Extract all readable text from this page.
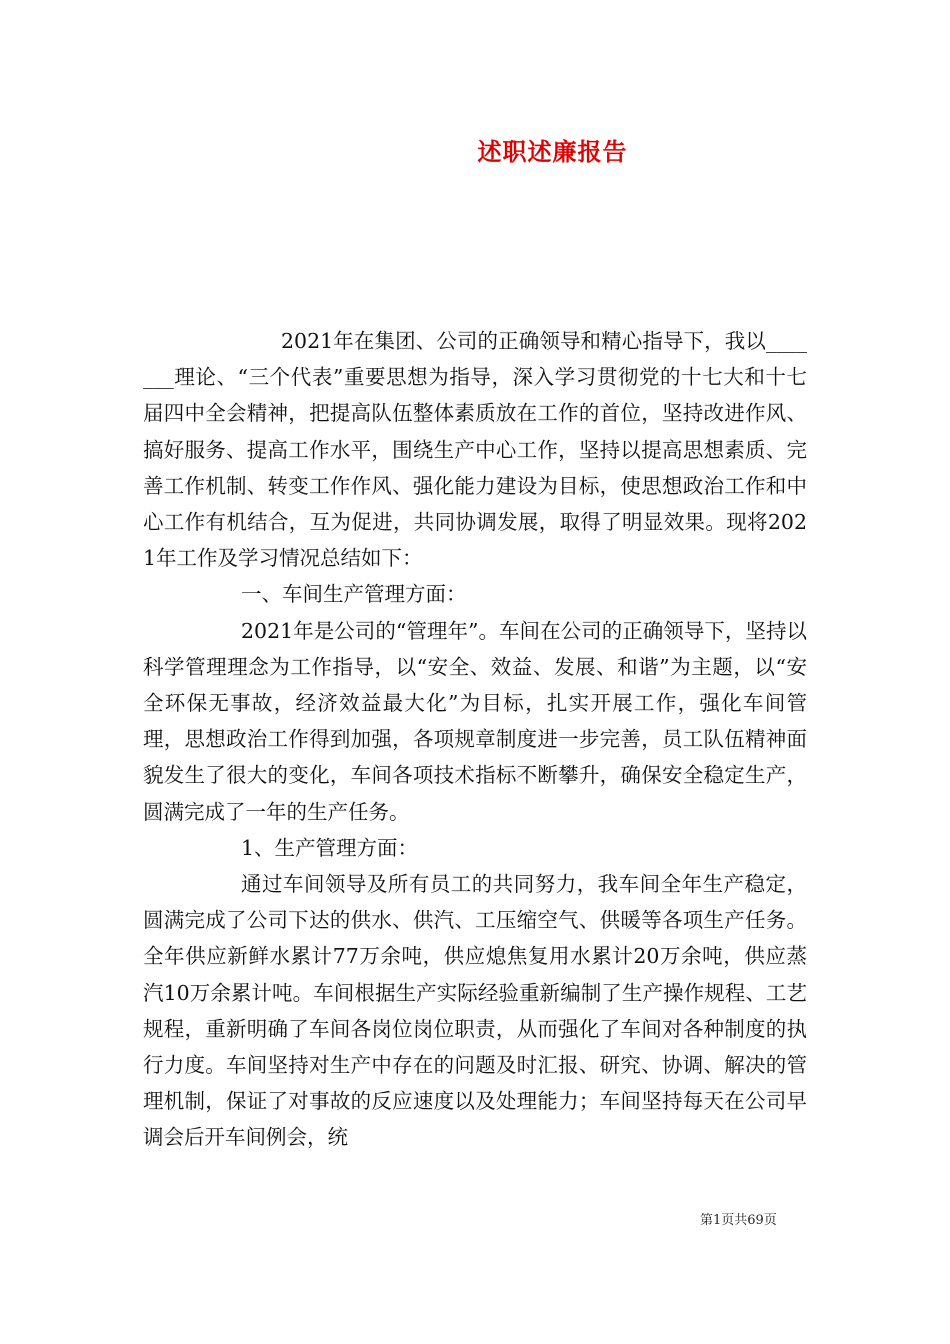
述职述廉报告

2021年在集团、公司的正确领导和精心指导下，我以_______理论、“三个代表”重要思想为指导，深入学习贯彻党的十七大和十七届四中全会精神，把提高队伍整体素质放在工作的首位，坚持改进作风、搞好服务、提高工作水平，围绕生产中心工作，坚持以提高思想素质、完善工作机制、转变工作作风、强化能力建设为目标，使思想政治工作和中心工作有机结合，互为促进，共同协调发展，取得了明显效果。现将2021年工作及学习情况总结如下：

一、车间生产管理方面：

2021年是公司的“管理年”。车间在公司的正确领导下，坚持以科学管理理念为工作指导，以“安全、效益、发展、和谐”为主题，以“安全环保无事故，经济效益最大化”为目标，扎实开展工作，强化车间管理，思想政治工作得到加强，各项规章制度进一步完善，员工队伍精神面貌发生了很大的变化，车间各项技术指标不断攀升，确保安全稳定生产，圆满完成了一年的生产任务。

1、生产管理方面：

通过车间领导及所有员工的共同努力，我车间全年生产稳定，圆满完成了公司下达的供水、供汽、工压缩空气、供暖等各项生产任务。全年供应新鲜水累计77万余吨，供应熄焦复用水累计20万余吨，供应蒸汽10万余累计吨。车间根据生产实际经验重新编制了生产操作规程、工艺规程，重新明确了车间各岗位岗位职责，从而强化了车间对各种制度的执行力度。车间坚持对生产中存在的问题及时汇报、研究、协调、解决的管理机制，保证了对事故的反应速度以及处理能力；车间坚持每天在公司早调会后开车间例会，统

第1页共69页
